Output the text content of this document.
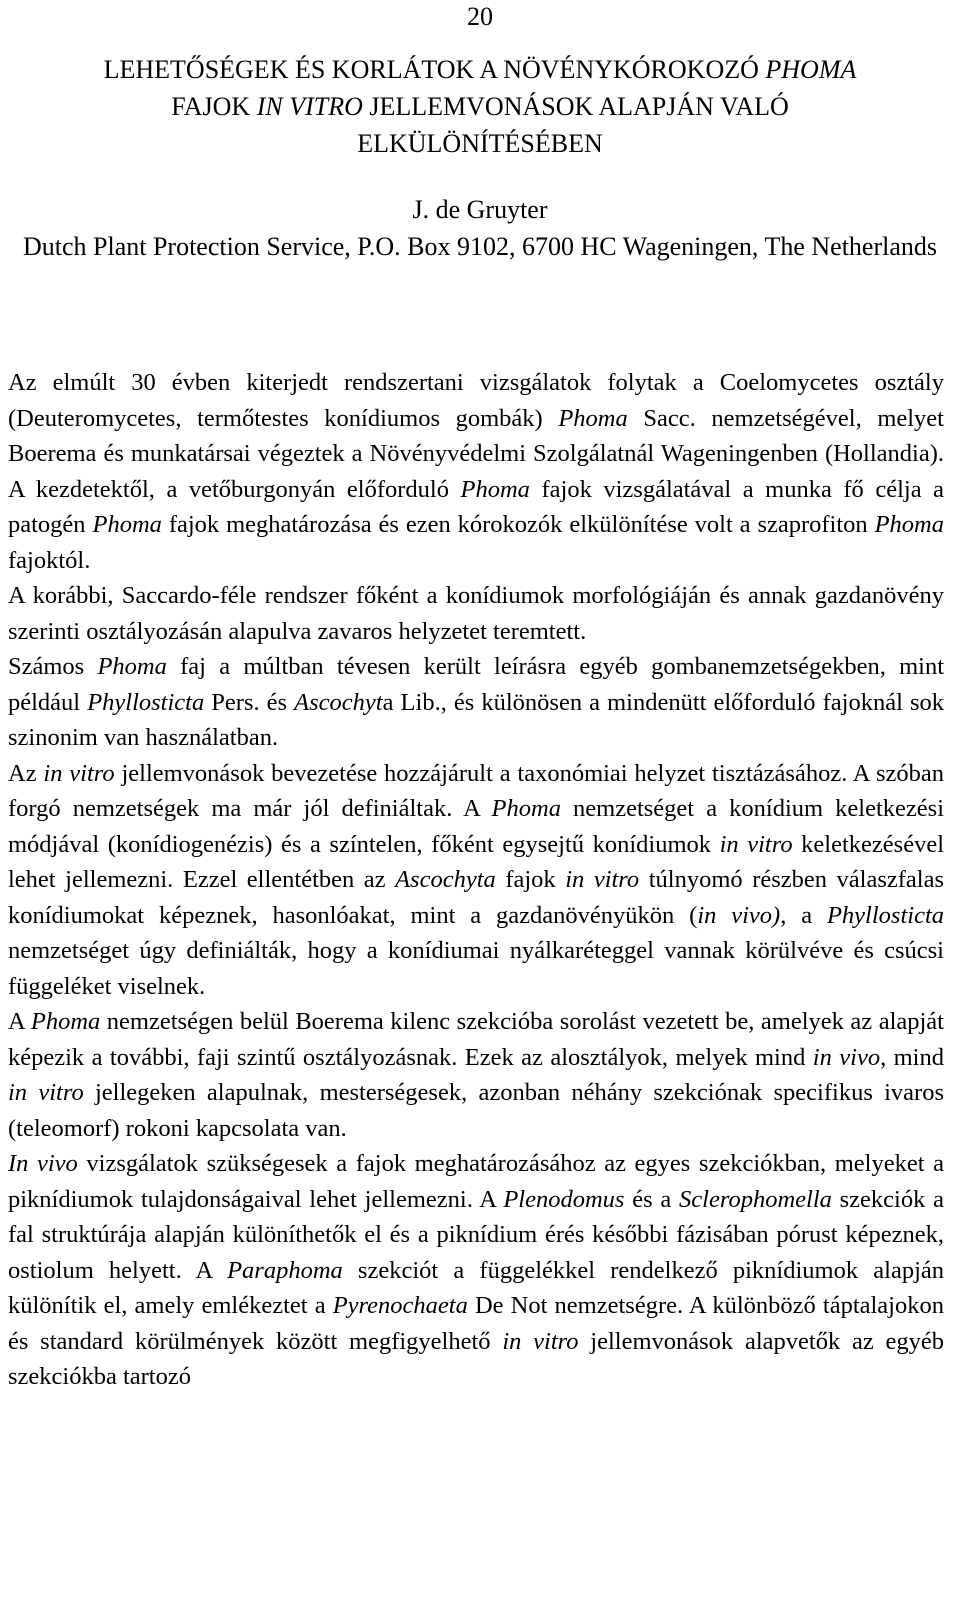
20
LEHETŐSÉGEK ÉS KORLÁTOK A NÖVÉNYKÓROKOZÓ PHOMA
FAJOK IN VITRO JELLEMVONÁSOK ALAPJÁN VALÓ
ELKÜLÖNÍTÉSÉBEN
J. de Gruyter
Dutch Plant Protection Service, P.O. Box 9102, 6700 HC Wageningen, The Netherlands

Az elmúlt 30 évben kiterjedt rendszertani vizsgálatok folytak a Coelomycetes osztály (Deuteromycetes, termőtestes konídiumos gombák) Phoma Sacc. nemzetségével, melyet Boerema és munkatársai végeztek a Növényvédelmi Szolgálatnál Wageningenben (Hollandia). A kezdetektől, a vetőburgonyán előforduló Phoma fajok vizsgálatával a munka fő célja a patogén Phoma fajok meghatározása és ezen kórokozók elkülönítése volt a szaprofiton Phoma fajoktól.

A korábbi, Saccardo-féle rendszer főként a konídiumok morfológiáján és annak gazdanövény szerinti osztályozásán alapulva zavaros helyzetet teremtett.

Számos Phoma faj a múltban tévesen került leírásra egyéb gombanemzetségekben, mint például Phyllosticta Pers. és Ascochyta Lib., és különösen a mindenütt előforduló fajoknál sok szinonim van használatban.

Az in vitro jellemvonások bevezetése hozzájárult a taxonómiai helyzet tisztázásához. A szóban forgó nemzetségek ma már jól definiáltak. A Phoma nemzetséget a konídium keletkezési módjával (konídiogenézis) és a színtelen, főként egysejtű konídiumok in vitro keletkezésével lehet jellemezni. Ezzel ellentétben az Ascochyta fajok in vitro túlnyomó részben válaszfalas konídiumokat képeznek, hasonlóakat, mint a gazdanövényükön (in vivo), a Phyllosticta nemzetséget úgy definiálták, hogy a konídiumai nyálkaréteggel vannak körülvéve és csúcsi függeléket viselnek.

A Phoma nemzetségen belül Boerema kilenc szekcióba sorolást vezetett be, amelyek az alapját képezik a további, faji szintű osztályozásnak. Ezek az alosztályok, melyek mind in vivo, mind in vitro jellegeken alapulnak, mesterségesek, azonban néhány szekciónak specifikus ivaros (teleomorf) rokoni kapcsolata van.

In vivo vizsgálatok szükségesek a fajok meghatározásához az egyes szekciókban, melyeket a piknídiumok tulajdonságaival lehet jellemezni. A Plenodomus és a Sclerophomella szekciók a fal struktúrája alapján különíthetők el és a piknídium érés későbbi fázisában pórust képeznek, ostiolum helyett. A Paraphoma szekciót a függelékkel rendelkező piknídiumok alapján különítik el, amely emlékeztet a Pyrenochaeta De Not nemzetségre. A különböző táptalajokon és standard körülmények között megfigyelhető in vitro jellemvonások alapvetők az egyéb szekciókba tartozó
